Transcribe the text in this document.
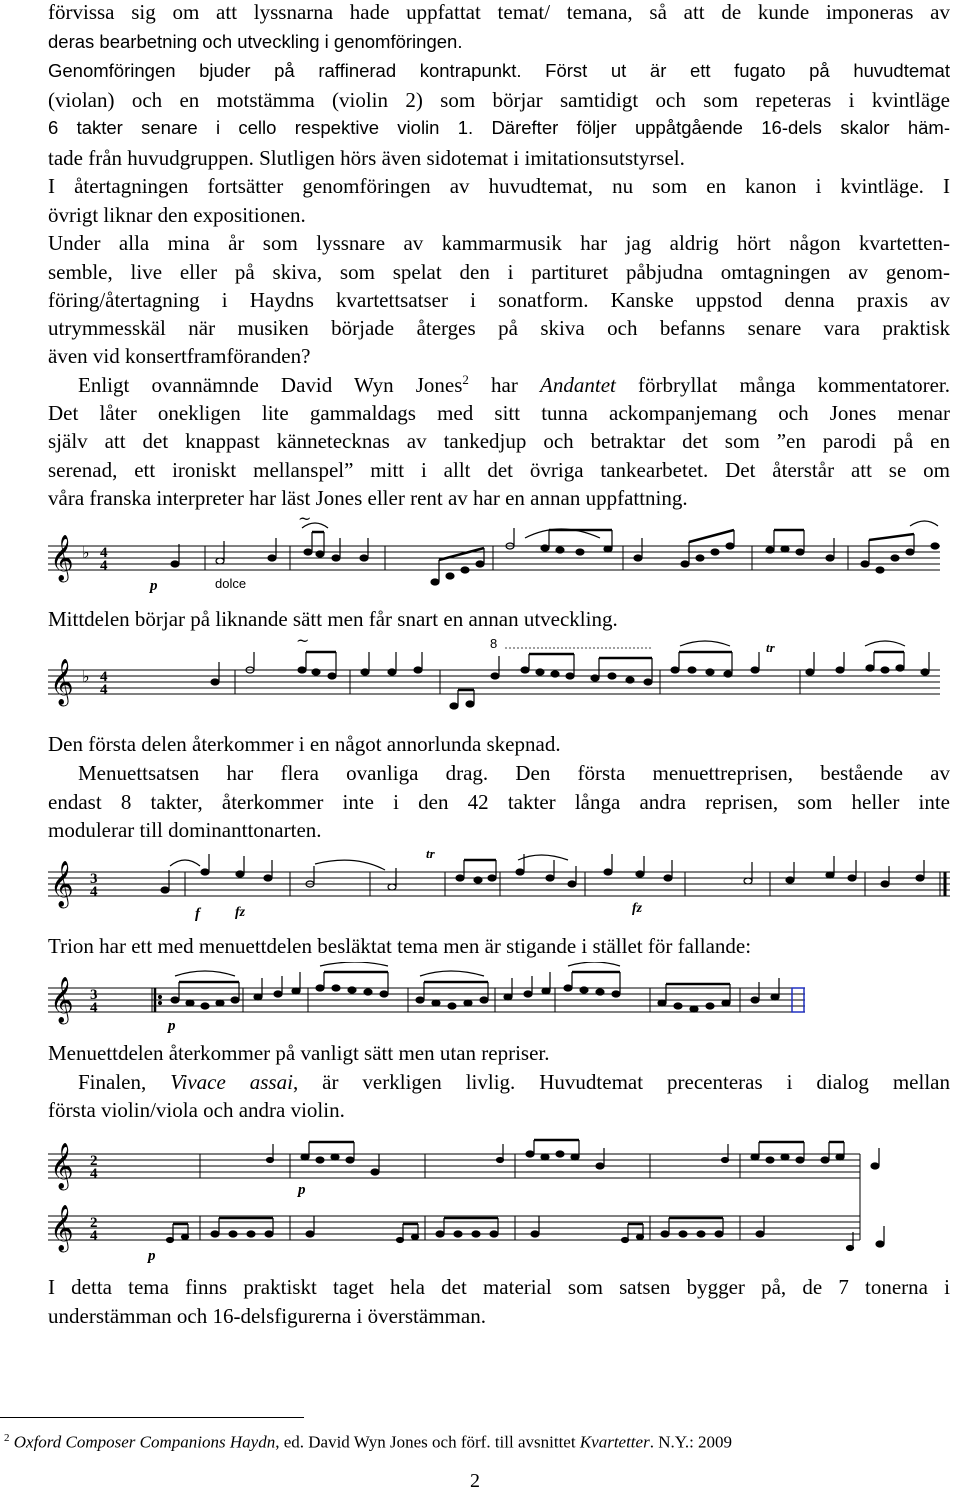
förvissa sig om att lyssnarna hade uppfattat temat/ temana, så att de kunde imponeras av

deras bearbetning och utveckling i genomföringen.

Genomföringen bjuder på raffinerad kontrapunkt. Först ut är ett fugato på huvudtemat

(violan) och en motstämma (violin 2) som börjar samtidigt och som repeteras i kvintläge

6 takter senare i cello respektive violin 1. Därefter följer uppåtgående 16-dels skalor häm-

tade från huvudgruppen. Slutligen hörs även sidotemat i imitationsutstyrsel.

I återtagningen fortsätter genomföringen av huvudtemat, nu som en kanon i kvintläge. I

övrigt liknar den expositionen.

Under alla mina år som lyssnare av kammarmusik har jag aldrig hört någon kvartetten-

semble, live eller på skiva, som spelat den i partituret påbjudna omtagningen av genom-

föring/återtagning i Haydns kvartettsatser i sonatform. Kanske uppstod denna praxis av

utrymmesskäl när musiken började återges på skiva och befanns senare vara praktisk

även vid konsertframföranden?

Enligt ovannämnde David Wyn Jones$^2$ har Andantet förbryllat många kommentatorer.

Det låter onekligen lite gammaldags med sitt tunna ackompanjemang och Jones menar

själv att det knappast kännetecknas av tankedjup och betraktar det som ”en parodi på en

serenad, ett ironiskt mellanspel” mitt i allt det övriga tankearbetet. Det återstår att se om

våra franska interpreter har läst Jones eller rent av har en annan uppfattning.

𝄞 ♭ 4
4
~
p	dolce

Mittdelen börjar på liknande sätt men får snart en annan utveckling.

𝄞 ♭ 4
4
8	tr
~

Den första delen återkommer i en något annorlunda skepnad.

Menuettsatsen har flera ovanliga drag. Den första menuettreprisen, bestående av

endast 8 takter, återkommer inte i den 42 takter långa andra reprisen, som heller inte

modulerar till dominanttonarten.

𝄞 3
4
f	fz	fz
tr

Trion har ett med menuettdelen besläktat tema men är stigande i stället för fallande:

𝄞 3
4
p

Menuettdelen återkommer på vanligt sätt men utan repriser.

Finalen, Vivace assai, är verkligen livlig. Huvudtemat precenteras i dialog mellan

första violin/viola och andra violin.

𝄞
𝄞
2
4
2
4
p
p

I detta tema finns praktiskt taget hela det material som satsen bygger på, de 7 tonerna i

understämman och 16-delsfigurerna i överstämman.

$^2$ Oxford Composer Companions Haydn, ed. David Wyn Jones och förf. till avsnittet Kvartetter. N.Y.: 2009
2
